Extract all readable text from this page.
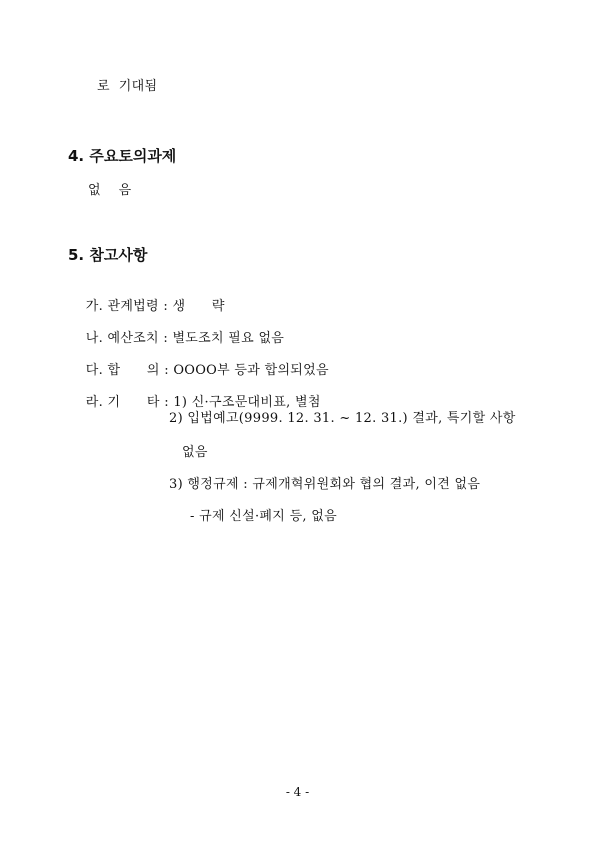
로  기대됨
4. 주요토의과제
없    음
5. 참고사항

가. 관계법령 : 생      략

나. 예산조치 : 별도조치 필요 없음

다. 합      의 : OOOO부 등과 합의되었음

라. 기      타 : 1) 신·구조문대비표, 별첨

2) 입법예고(9999. 12. 31. ~ 12. 31.) 결과, 특기할 사항
없음
3) 행정규제 : 규제개혁위원회와 협의 결과, 이견 없음
- 규제 신설·폐지 등, 없음
- 4 -
